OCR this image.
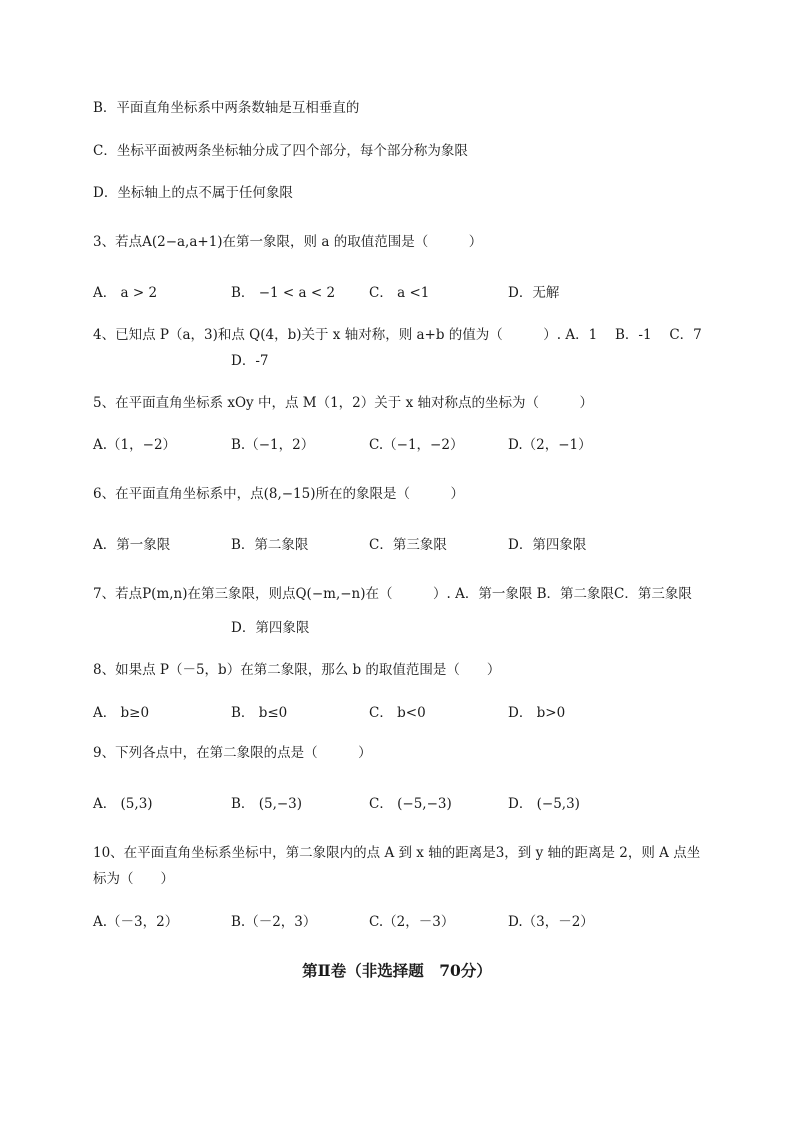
B．平面直角坐标系中两条数轴是互相垂直的
C．坐标平面被两条坐标轴分成了四个部分，每个部分称为象限
D．坐标轴上的点不属于任何象限
3、若点A(2−a,a+1)在第一象限，则 a 的取值范围是（　　　）
A． a > 2	B． −1 < a < 2	C． a <1	D．无解
4、已知点 P（a，3)和点 Q(4，b)关于 x 轴对称，则 a+b 的值为（　　　）. A．1　 B．-1　 C．7
D．-7
5、在平面直角坐标系 xOy 中，点 M（1，2）关于 x 轴对称点的坐标为（　　　）
A.（1，−2）	B.（−1，2）	C.（−1，−2）	D.（2，−1）
6、在平面直角坐标系中，点(8,−15)所在的象限是（　　　）
A．第一象限	B．第二象限	C．第三象限	D．第四象限
7、若点P(m,n)在第三象限，则点Q(−m,−n)在（　　　）. A．第一象限 B．第二象限C．第三象限
D．第四象限
8、如果点 P（－5，b）在第二象限，那么 b 的取值范围是（　　）
A． b≥0	B． b≤0	C． b<0	D． b>0
9、下列各点中，在第二象限的点是（　　　）
A． (5,3)	B． (5,−3)	C． (−5,−3)	D． (−5,3)
10、在平面直角坐标系坐标中，第二象限内的点 A 到 x 轴的距离是3，到 y 轴的距离是 2，则 A 点坐
标为（　　）
A.（－3，2）	B.（－2，3）	C.（2，－3）	D.（3，－2）
第Ⅱ卷（非选择题　70分）
